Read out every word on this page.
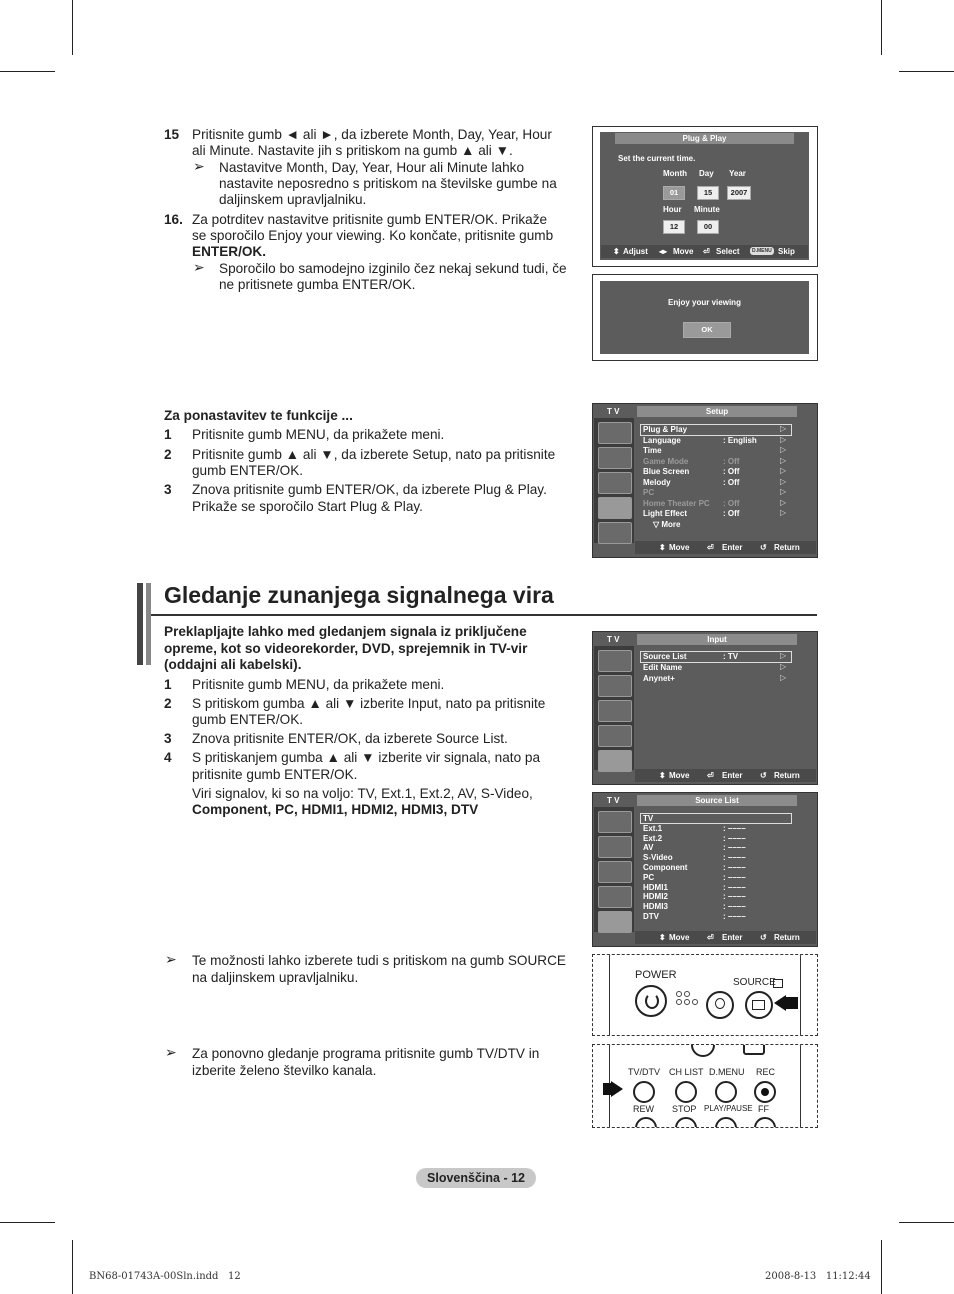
15 Pritisnite gumb ◄ ali ►, da izberete Month, Day, Year, Hour
ali Minute. Nastavite jih s pritiskom na gumb ▲ ali ▼.
➢ Nastavitve Month, Day, Year, Hour ali Minute lahko
nastavite neposredno s pritiskom na številske gumbe na
daljinskem upravljalniku.
16. Za potrditev nastavitve pritisnite gumb ENTER/OK. Prikaže
se sporočilo Enjoy your viewing. Ko končate, pritisnite gumb
ENTER/OK.
➢ Sporočilo bo samodejno izginilo čez nekaj sekund tudi, če
ne pritisnete gumba ENTER/OK.
Plug & Play
Set the current time.
Month Day Year
01	15	2007
Hour Minute
12	00
⬍ Adjust ◂▸ Move ⏎ Select	D.MENU Skip
Enjoy your viewing
OK
Za ponastavitev te funkcije ...
1 Pritisnite gumb MENU, da prikažete meni.
2 Pritisnite gumb ▲ ali ▼, da izberete Setup, nato pa pritisnite
gumb ENTER/OK.
3 Znova pritisnite gumb ENTER/OK, da izberete Plug & Play.
Prikaže se sporočilo Start Plug & Play.
T V	Setup
Plug & Play	▷
Language	: English	▷
Time	▷
Game Mode	: Off	▷
Blue Screen	: Off	▷
Melody	: Off	▷
PC	▷
Home Theater PC : Off	▷
Light Effect	: Off	▷
▽ More
⬍ Move ⏎ Enter ↺ Return
Gledanje zunanjega signalnega vira
Preklapljajte lahko med gledanjem signala iz priključene
opreme, kot so videorekorder, DVD, sprejemnik in TV-vir
(oddajni ali kabelski).
1 Pritisnite gumb MENU, da prikažete meni.
2 S pritiskom gumba ▲ ali ▼ izberite Input, nato pa pritisnite
gumb ENTER/OK.
3 Znova pritisnite ENTER/OK, da izberete Source List.
4 S pritiskanjem gumba ▲ ali ▼ izberite vir signala, nato pa
pritisnite gumb ENTER/OK.
Viri signalov, ki so na voljo: TV, Ext.1, Ext.2, AV, S-Video,
Component, PC, HDMI1, HDMI2, HDMI3, DTV
T V	Input
Source List	: TV	▷
Edit Name	▷
Anynet+	▷
⬍ Move ⏎ Enter ↺ Return
T V	Source List
TV
Ext.1	: ––––
Ext.2	: ––––
AV	: ––––
S-Video	: ––––
Component	: ––––
PC	: ––––
HDMI1	: ––––
HDMI2	: ––––
HDMI3	: ––––
DTV	: ––––
⬍ Move ⏎ Enter ↺ Return
➢ Te možnosti lahko izberete tudi s pritiskom na gumb SOURCE
na daljinskem upravljalniku.
➢ Za ponovno gledanje programa pritisnite gumb TV/DTV in
izberite želeno številko kanala.
POWER
SOURCE
TV/DTV CH LIST D.MENU REC
REW STOP PLAY/PAUSE FF
Slovenščina - 12
BN68-01743A-00Sln.indd   12	2008-8-13   11:12:44
